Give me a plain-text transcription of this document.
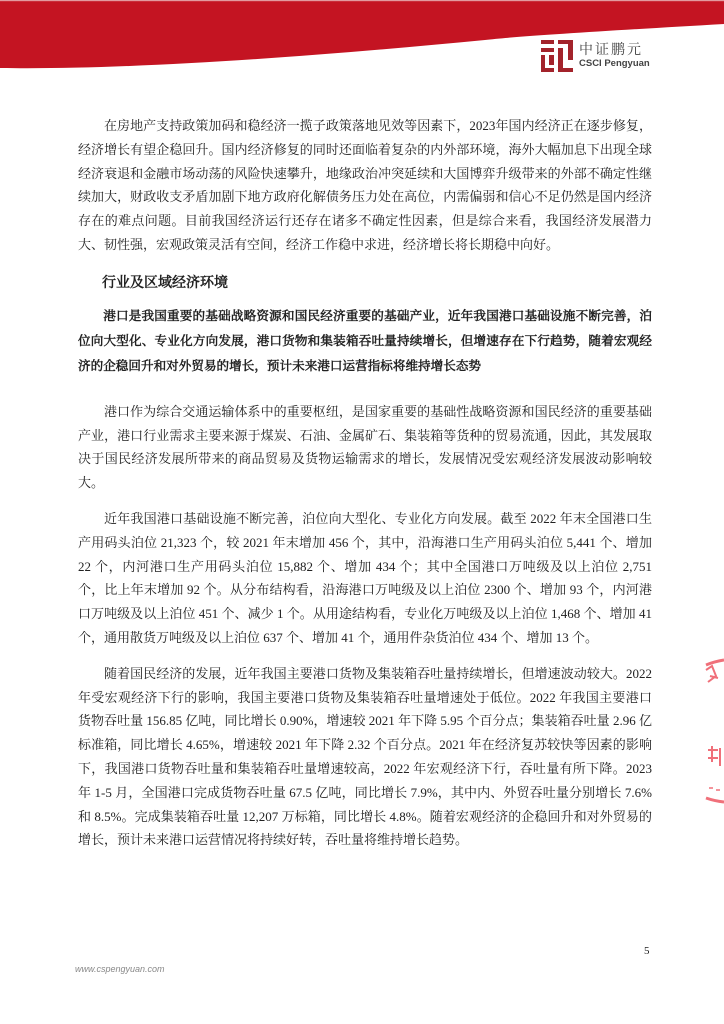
中证鹏元
CSCI Pengyuan

在房地产支持政策加码和稳经济一揽子政策落地见效等因素下，2023年国内经济正在逐步修复，经济增长有望企稳回升。国内经济修复的同时还面临着复杂的内外部环境，海外大幅加息下出现全球经济衰退和金融市场动荡的风险快速攀升，地缘政治冲突延续和大国博弈升级带来的外部不确定性继续加大，财政收支矛盾加剧下地方政府化解债务压力处在高位，内需偏弱和信心不足仍然是国内经济存在的难点问题。目前我国经济运行还存在诸多不确定性因素，但是综合来看，我国经济发展潜力大、韧性强，宏观政策灵活有空间，经济工作稳中求进，经济增长将长期稳中向好。

行业及区域经济环境

港口是我国重要的基础战略资源和国民经济重要的基础产业，近年我国港口基础设施不断完善，泊位向大型化、专业化方向发展，港口货物和集装箱吞吐量持续增长，但增速存在下行趋势，随着宏观经济的企稳回升和对外贸易的增长，预计未来港口运营指标将维持增长态势

港口作为综合交通运输体系中的重要枢纽，是国家重要的基础性战略资源和国民经济的重要基础产业，港口行业需求主要来源于煤炭、石油、金属矿石、集装箱等货种的贸易流通，因此，其发展取决于国民经济发展所带来的商品贸易及货物运输需求的增长，发展情况受宏观经济发展波动影响较大。

近年我国港口基础设施不断完善，泊位向大型化、专业化方向发展。截至 2022 年末全国港口生产用码头泊位 21,323 个，较 2021 年末增加 456 个，其中，沿海港口生产用码头泊位 5,441 个、增加 22 个，内河港口生产用码头泊位 15,882 个、增加 434 个；其中全国港口万吨级及以上泊位 2,751 个，比上年末增加 92 个。从分布结构看，沿海港口万吨级及以上泊位 2300 个、增加 93 个，内河港口万吨级及以上泊位 451 个、减少 1 个。从用途结构看，专业化万吨级及以上泊位 1,468 个、增加 41 个，通用散货万吨级及以上泊位 637 个、增加 41 个，通用件杂货泊位 434 个、增加 13 个。

随着国民经济的发展，近年我国主要港口货物及集装箱吞吐量持续增长，但增速波动较大。2022 年受宏观经济下行的影响，我国主要港口货物及集装箱吞吐量增速处于低位。2022 年我国主要港口货物吞吐量 156.85 亿吨，同比增长 0.90%，增速较 2021 年下降 5.95 个百分点；集装箱吞吐量 2.96 亿标准箱，同比增长 4.65%，增速较 2021 年下降 2.32 个百分点。2021 年在经济复苏较快等因素的影响下，我国港口货物吞吐量和集装箱吞吐量增速较高，2022 年宏观经济下行，吞吐量有所下降。2023 年 1-5 月，全国港口完成货物吞吐量 67.5 亿吨，同比增长 7.9%，其中内、外贸吞吐量分别增长 7.6%和 8.5%。完成集装箱吞吐量 12,207 万标箱，同比增长 4.8%。随着宏观经济的企稳回升和对外贸易的增长，预计未来港口运营情况将持续好转，吞吐量将维持增长趋势。

5
www.cspengyuan.com
